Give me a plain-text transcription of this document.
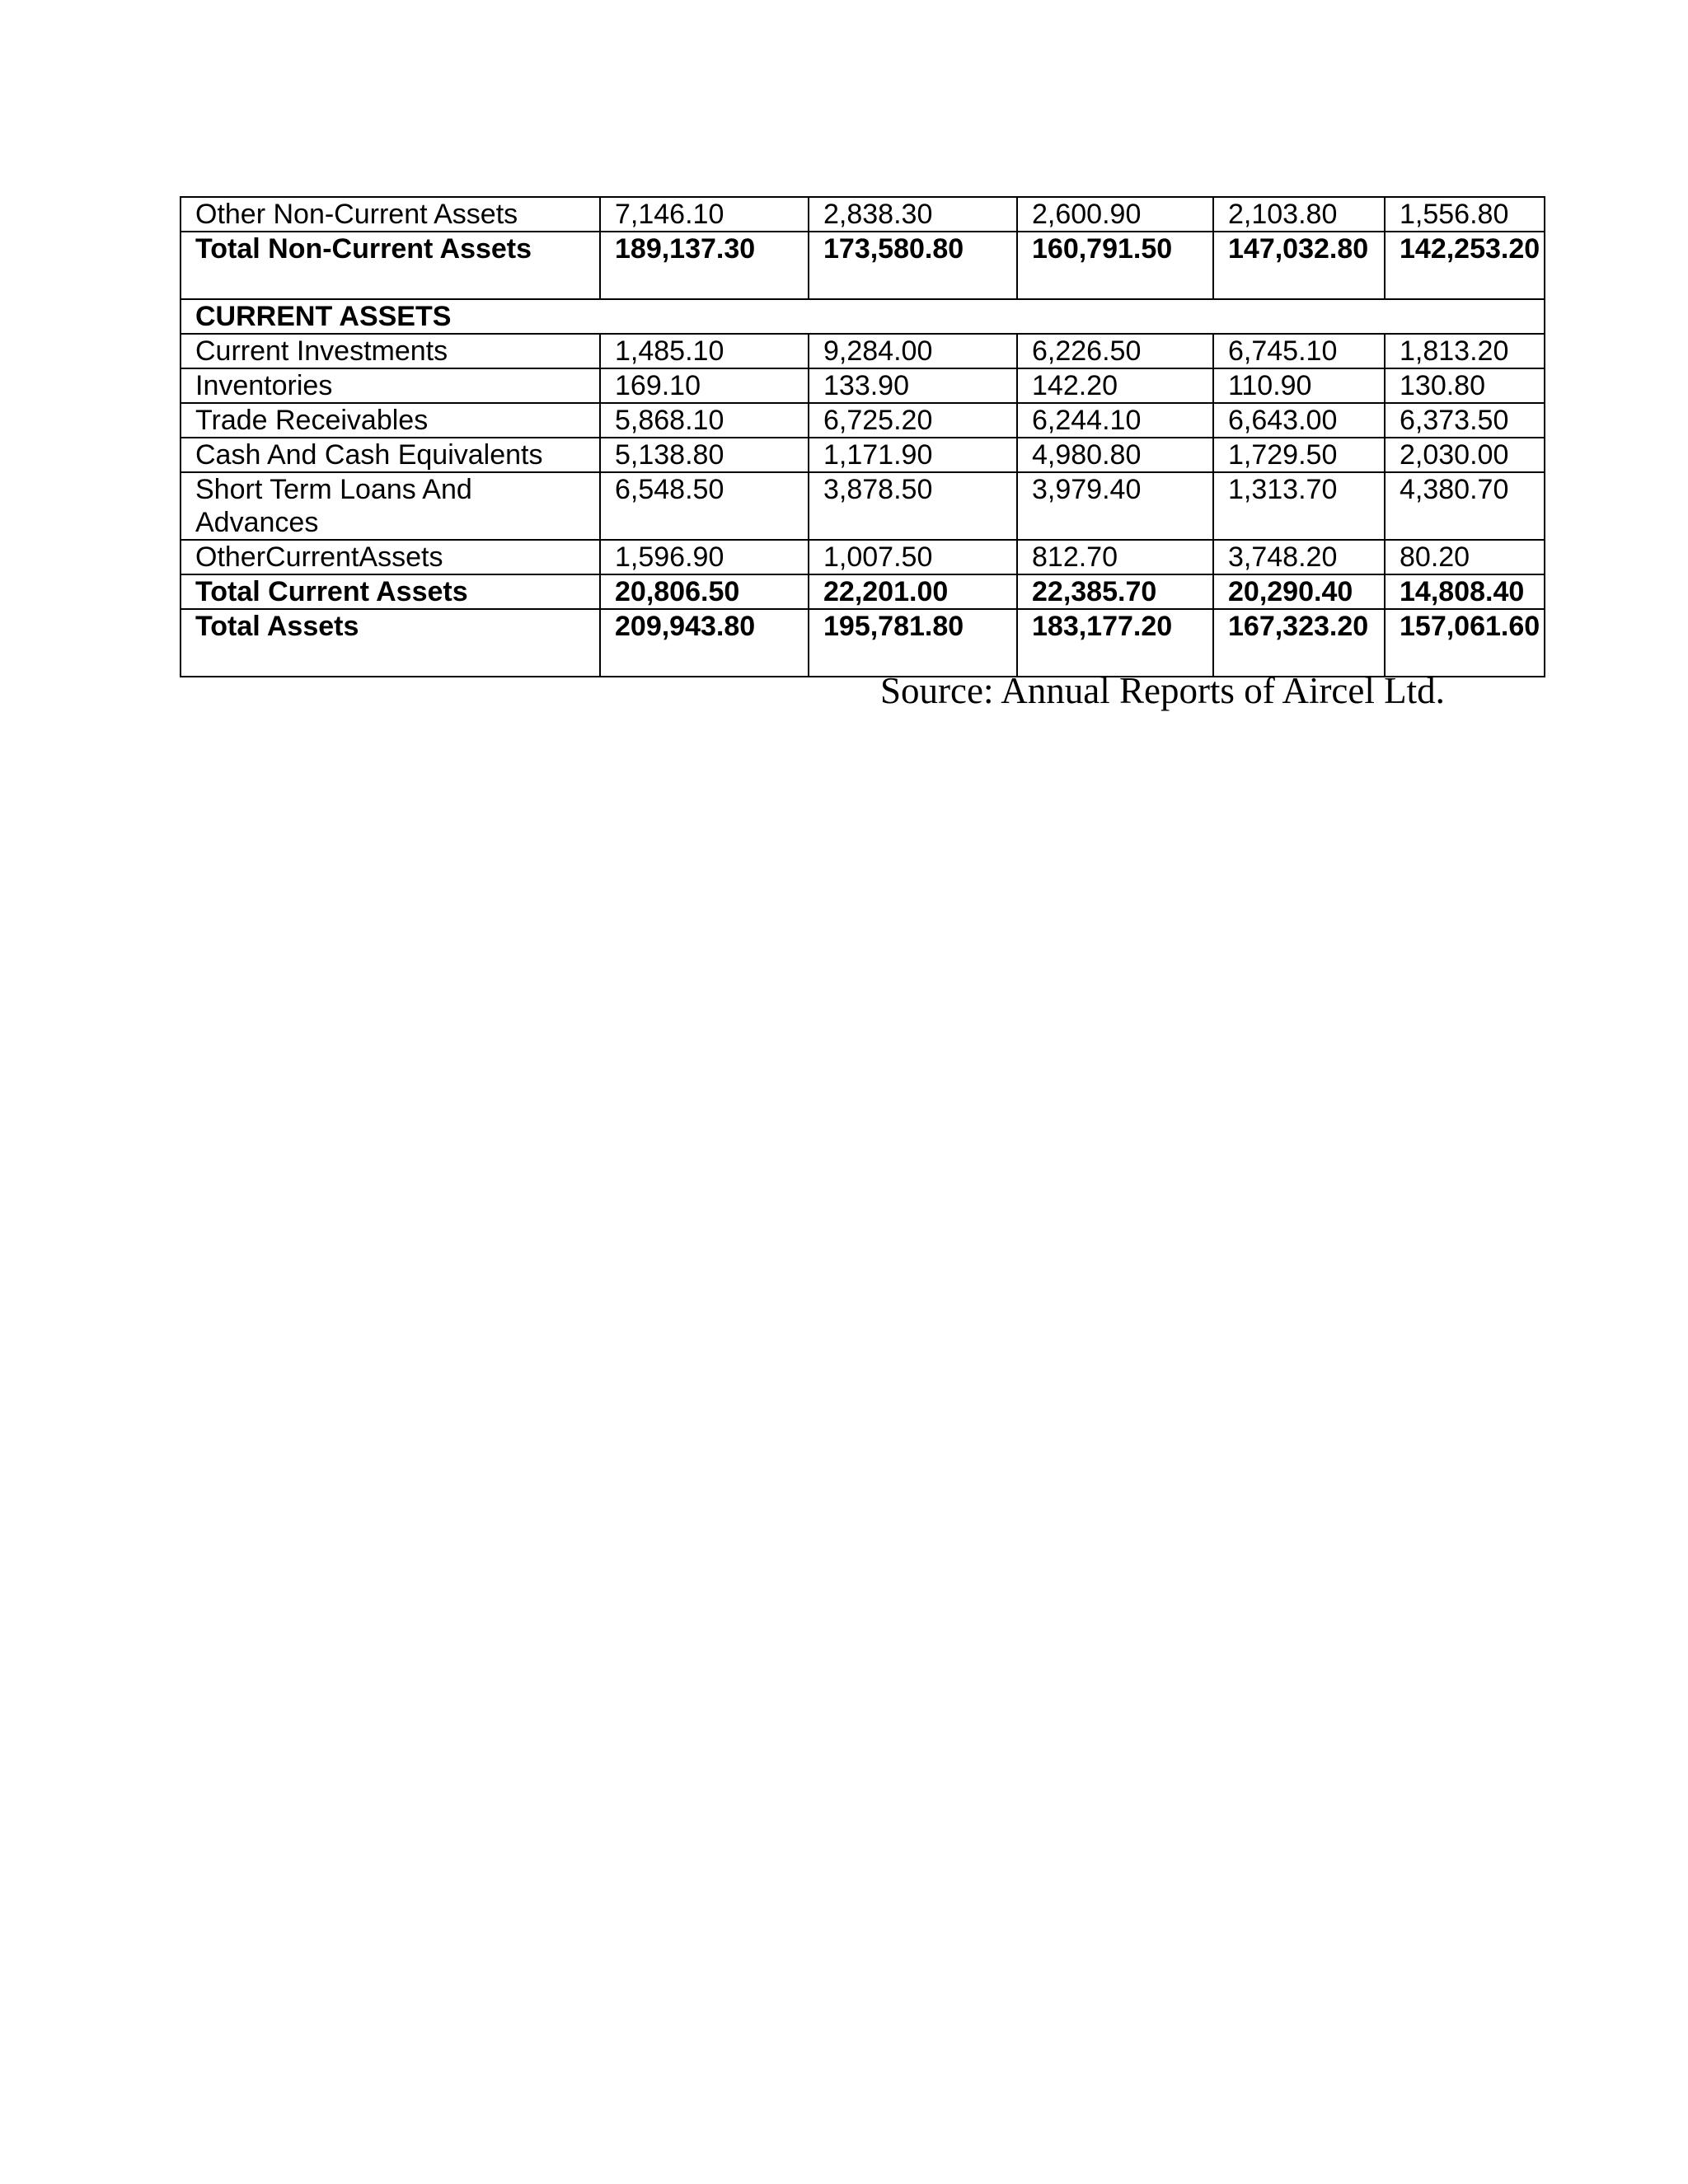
Other Non-Current Assets	7,146.10	2,838.30	2,600.90	2,103.80	1,556.80
Total Non-Current Assets	189,137.30	173,580.80	160,791.50	147,032.80	142,253.20
CURRENT ASSETS					
Current Investments	1,485.10	9,284.00	6,226.50	6,745.10	1,813.20
Inventories	169.10	133.90	142.20	110.90	130.80
Trade Receivables	5,868.10	6,725.20	6,244.10	6,643.00	6,373.50
Cash And Cash Equivalents	5,138.80	1,171.90	4,980.80	1,729.50	2,030.00
Short Term Loans And Advances	6,548.50	3,878.50	3,979.40	1,313.70	4,380.70
OtherCurrentAssets	1,596.90	1,007.50	812.70	3,748.20	80.20
Total Current Assets	20,806.50	22,201.00	22,385.70	20,290.40	14,808.40
Total Assets	209,943.80	195,781.80	183,177.20	167,323.20	157,061.60
Source: Annual Reports of Aircel Ltd.
